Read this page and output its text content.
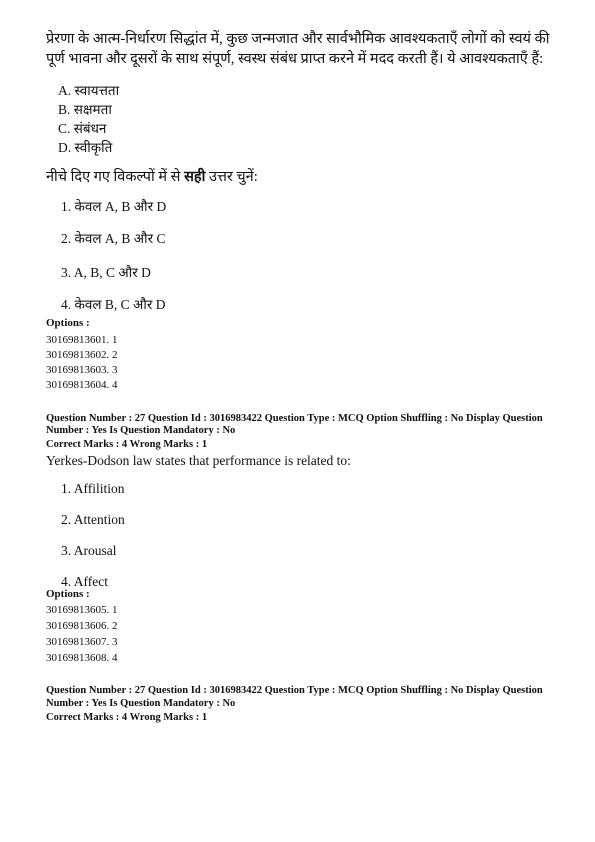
प्रेरणा के आत्म-निर्धारण सिद्धांत में, कुछ जन्मजात और सार्वभौमिक आवश्यकताएँ लोगों को स्वयं की पूर्ण भावना और दूसरों के साथ संपूर्ण, स्वस्थ संबंध प्राप्त करने में मदद करती हैं। ये आवश्यकताएँ हैं:
A. स्वायत्तता
B. सक्षमता
C. संबंधन
D. स्वीकृति
नीचे दिए गए विकल्पों में से सही उत्तर चुनें:
1. केवल A, B और D
2. केवल A, B और C
3. A, B, C और D
4. केवल B, C और D
Options :
30169813601. 1
30169813602. 2
30169813603. 3
30169813604. 4
Question Number : 27 Question Id : 3016983422 Question Type : MCQ Option Shuffling : No Display Question
Number : Yes Is Question Mandatory : No
Correct Marks : 4 Wrong Marks : 1
Yerkes-Dodson law states that performance is related to:
1. Affilition
2. Attention
3. Arousal
4. Affect
Options :
30169813605. 1
30169813606. 2
30169813607. 3
30169813608. 4
Question Number : 27 Question Id : 3016983422 Question Type : MCQ Option Shuffling : No Display Question
Number : Yes Is Question Mandatory : No
Correct Marks : 4 Wrong Marks : 1
